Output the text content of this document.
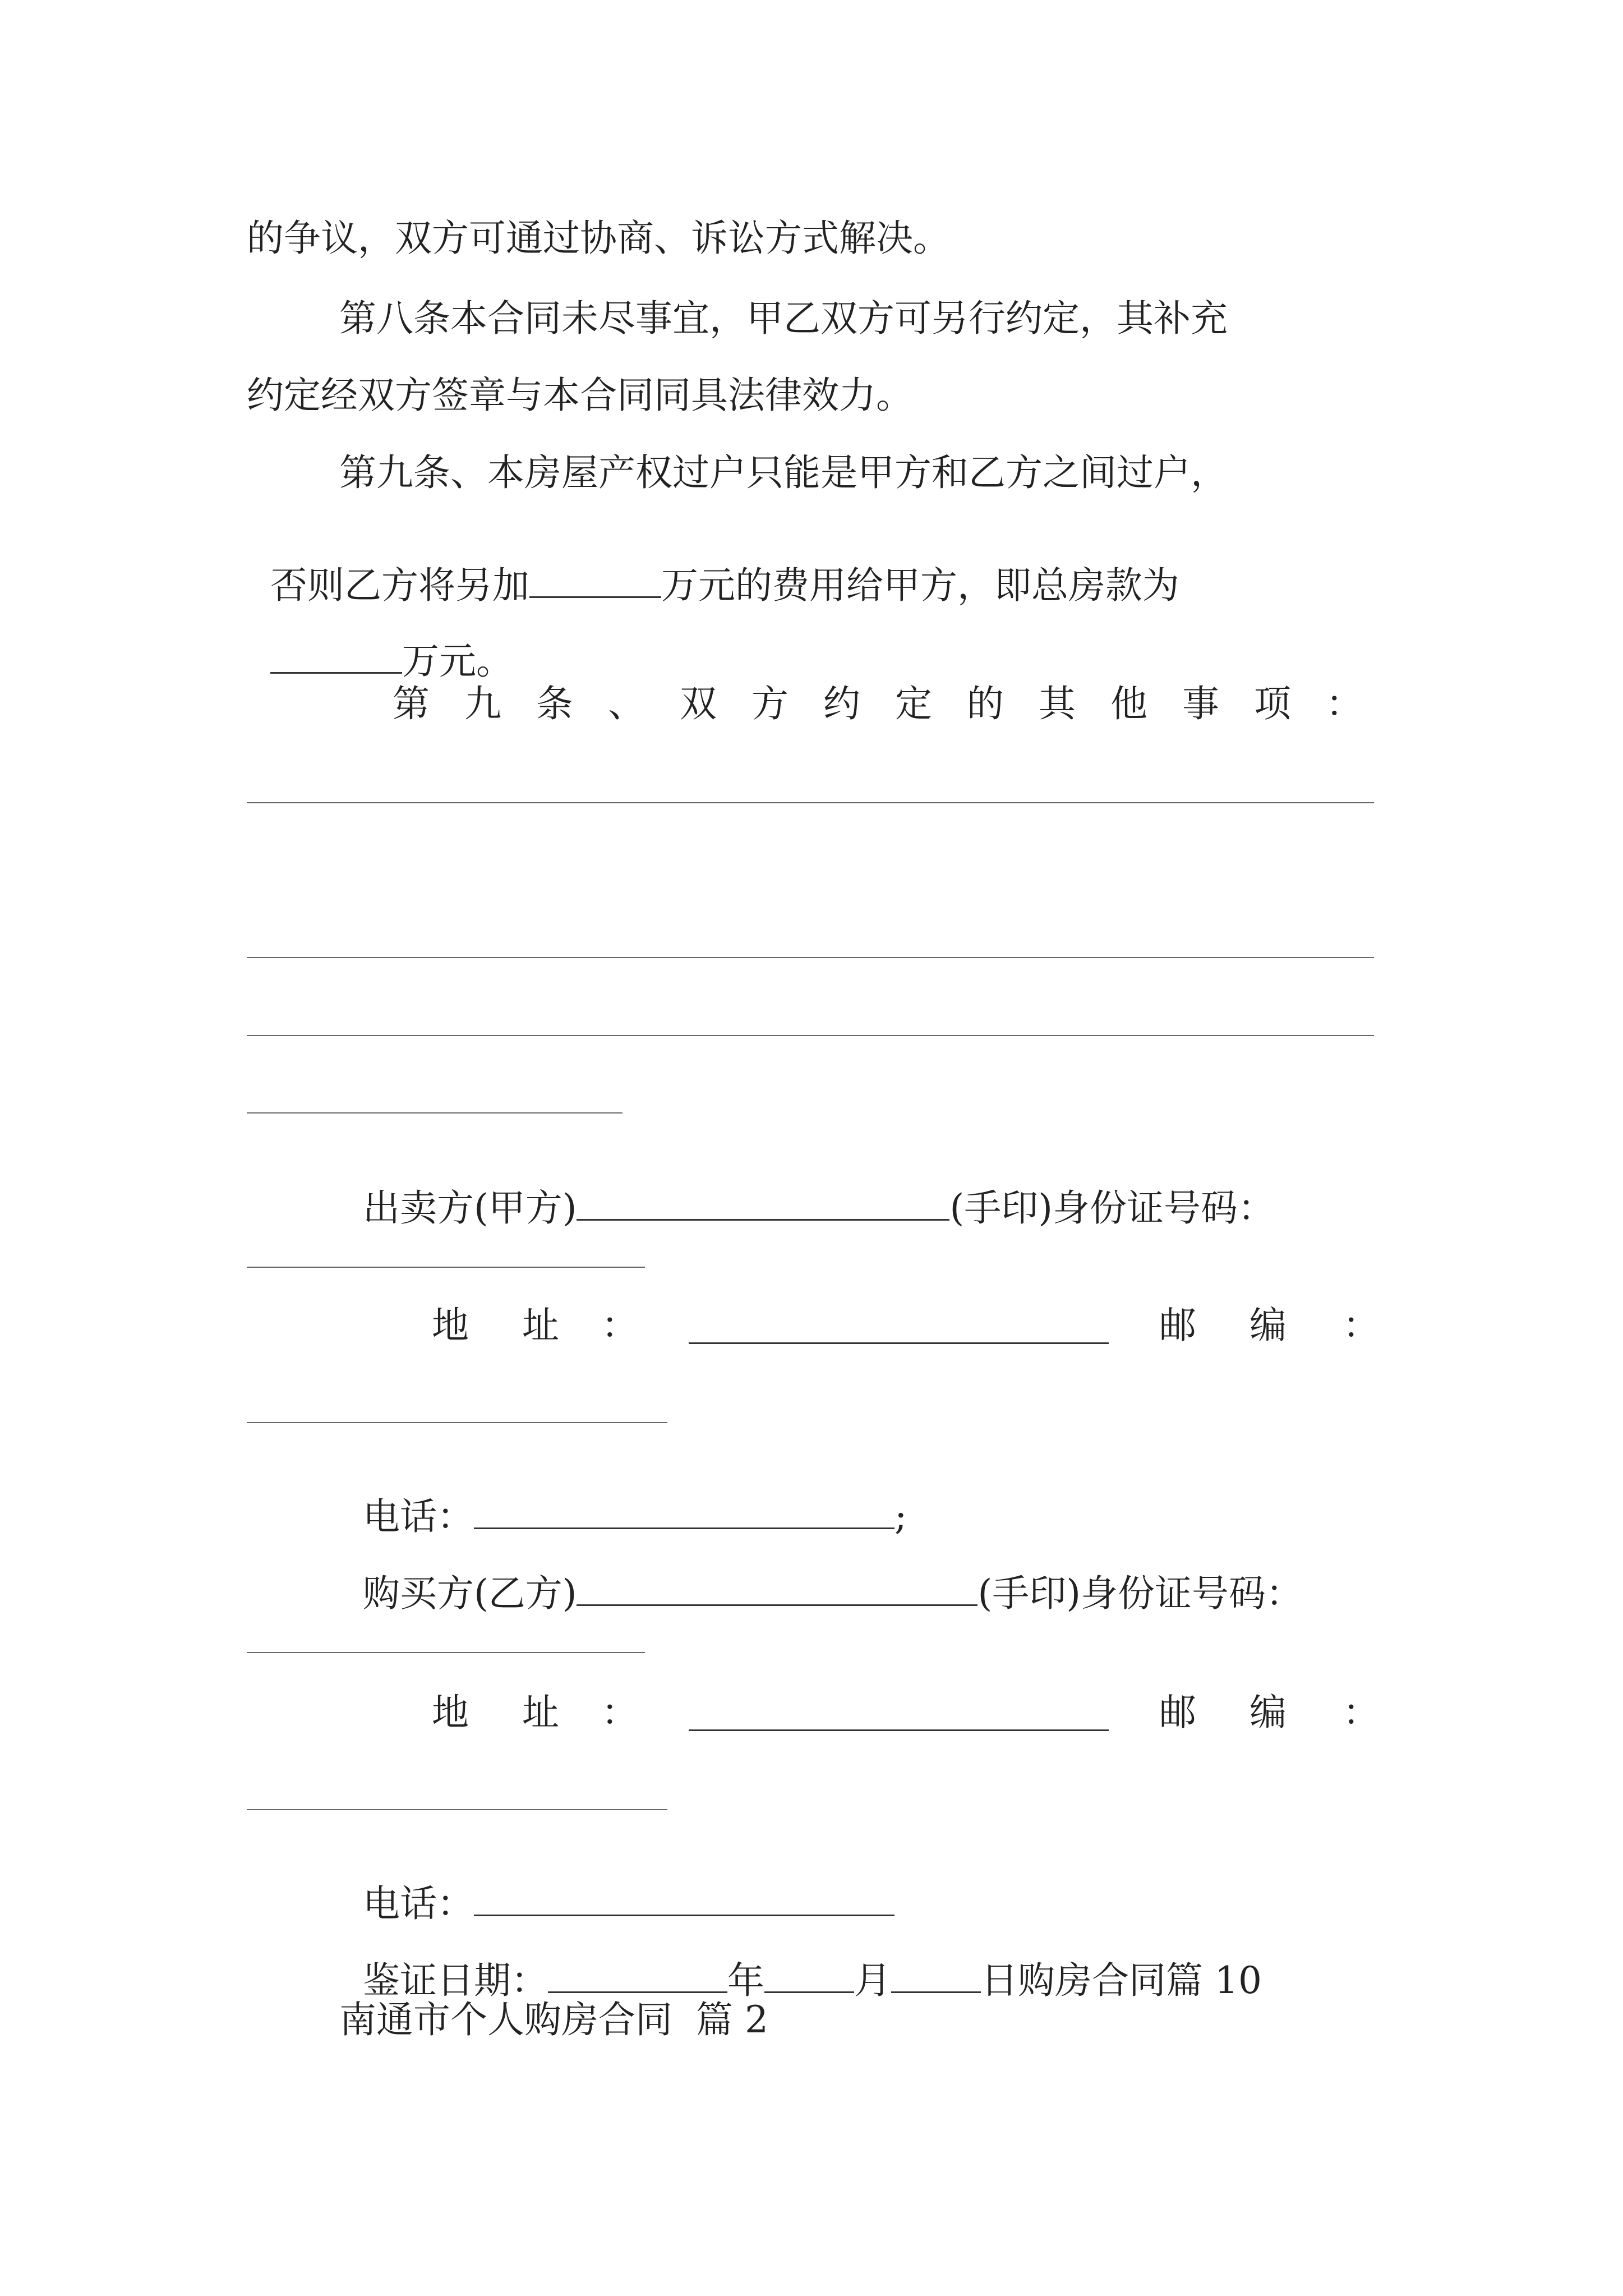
的争议，双方可通过协商、诉讼方式解决。
第八条本合同未尽事宜，甲乙双方可另行约定，其补充
约定经双方签章与本合同同具法律效力。
第九条、本房屋产权过户只能是甲方和乙方之间过户，

否则乙方将另加	万元的费用给甲方，即总房款为

万元。

第 九 条 、 双 方 约 定 的 其 他 事 项 ：

出卖方(甲方)	(手印)身份证号码：

地 址 ：	邮 编 ：

电话：	;

购买方(乙方)	(手印)身份证号码：

地 址 ：	邮 编 ：

电话：

鉴证日期：	年 月 日购房合同篇 10

南通市个人购房合同  篇 2
